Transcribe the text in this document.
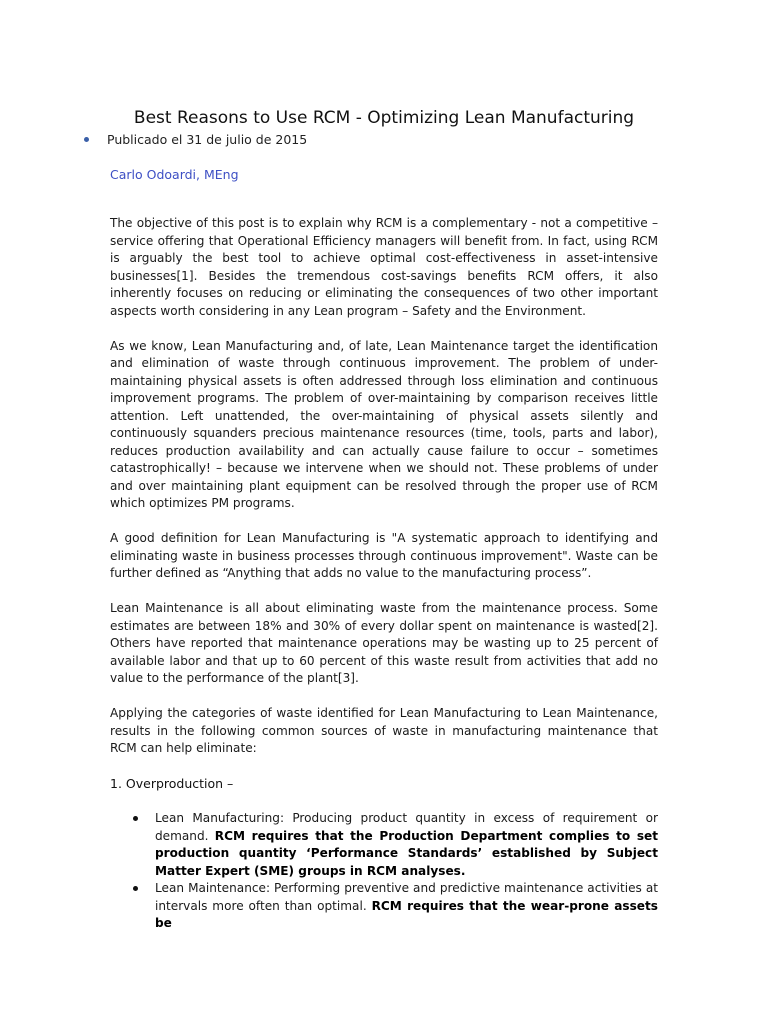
Best Reasons to Use RCM - Optimizing Lean Manufacturing
Publicado el 31 de julio de 2015
Carlo Odoardi, MEng

The objective of this post is to explain why RCM is a complementary - not a competitive – service offering that Operational Efficiency managers will benefit from. In fact, using RCM is arguably the best tool to achieve optimal cost-effectiveness in asset-intensive businesses[1]. Besides the tremendous cost-savings benefits RCM offers, it also inherently focuses on reducing or eliminating the consequences of two other important aspects worth considering in any Lean program – Safety and the Environment.

As we know, Lean Manufacturing and, of late, Lean Maintenance target the identification and elimination of waste through continuous improvement. The problem of under-maintaining physical assets is often addressed through loss elimination and continuous improvement programs. The problem of over-maintaining by comparison receives little attention. Left unattended, the over-maintaining of physical assets silently and continuously squanders precious maintenance resources (time, tools, parts and labor), reduces production availability and can actually cause failure to occur – sometimes catastrophically! – because we intervene when we should not. These problems of under and over maintaining plant equipment can be resolved through the proper use of RCM which optimizes PM programs.

A good definition for Lean Manufacturing is "A systematic approach to identifying and eliminating waste in business processes through continuous improvement". Waste can be further defined as “Anything that adds no value to the manufacturing process”.

Lean Maintenance is all about eliminating waste from the maintenance process. Some estimates are between 18% and 30% of every dollar spent on maintenance is wasted[2]. Others have reported that maintenance operations may be wasting up to 25 percent of available labor and that up to 60 percent of this waste result from activities that add no value to the performance of the plant[3].

Applying the categories of waste identified for Lean Manufacturing to Lean Maintenance, results in the following common sources of waste in manufacturing maintenance that RCM can help eliminate:

1. Overproduction –
Lean Manufacturing: Producing product quantity in excess of requirement or demand. RCM requires that the Production Department complies to set production quantity ‘Performance Standards’ established by Subject Matter Expert (SME) groups in RCM analyses.
Lean Maintenance: Performing preventive and predictive maintenance activities at intervals more often than optimal. RCM requires that the wear-prone assets be
